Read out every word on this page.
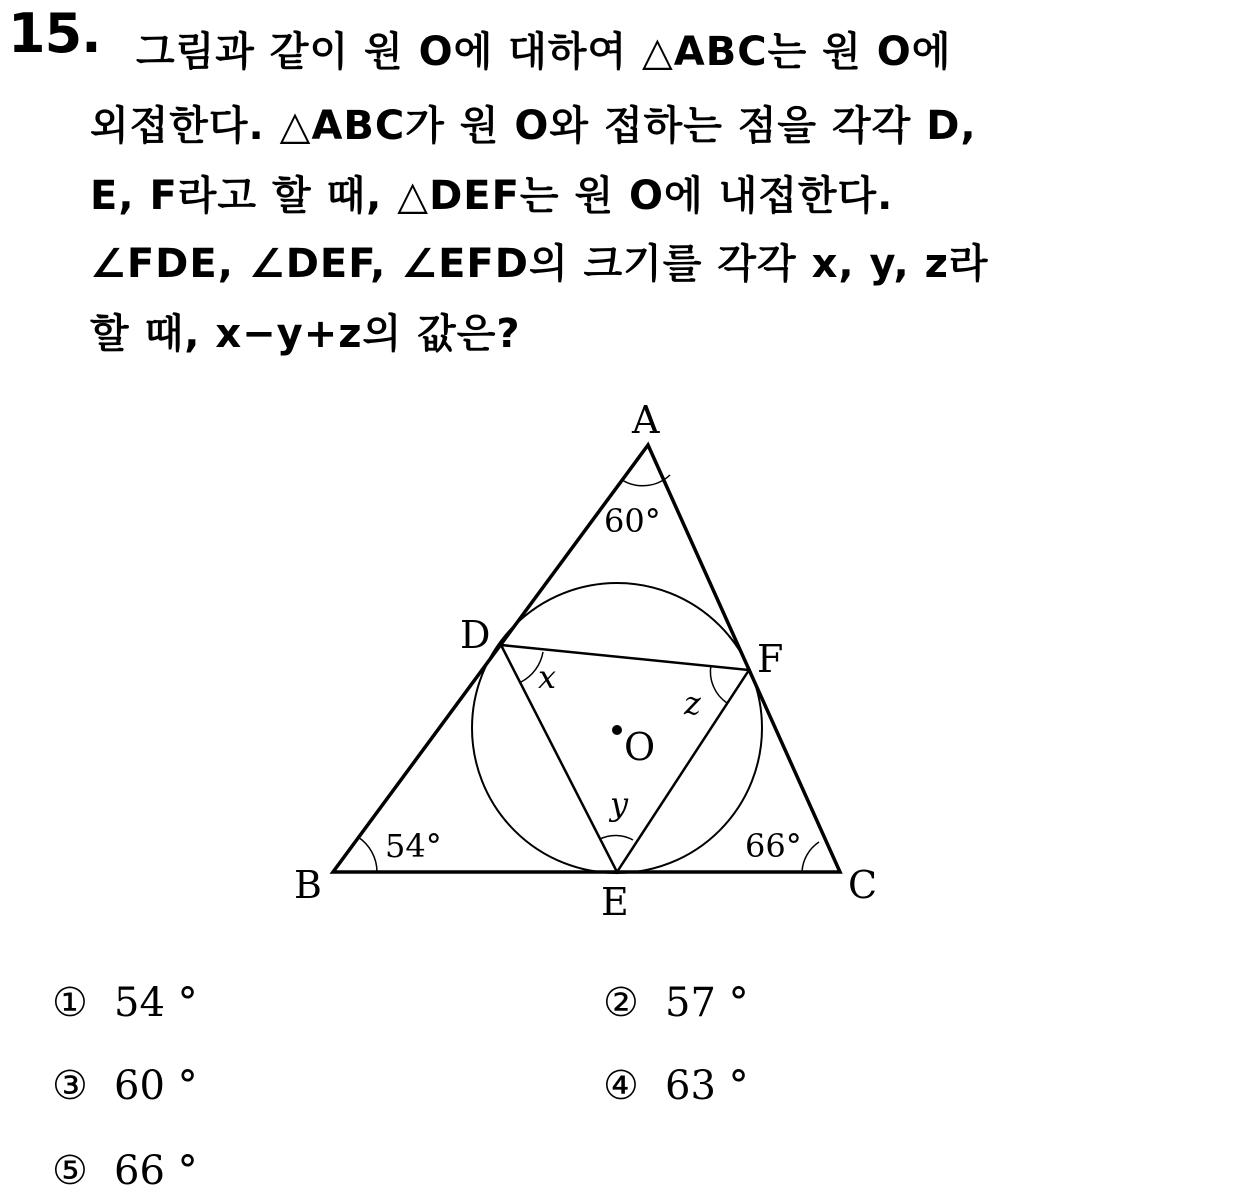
15. 그림과 같이 원 O에 대하여 △ABC는 원 O에
외접한다. △ABC가 원 O와 접하는 점을 각각 D,
E, F라고 할 때, △DEF는 원 O에 내접한다.
∠FDE, ∠DEF, ∠EFD의 크기를 각각 x, y, z라
할 때, x−y+z의 값은?
A
B	C
D
E
F
O
60°
54°	66°
x
y
z
① 54 °	② 57 °
③ 60 °	④ 63 °
⑤ 66 °
